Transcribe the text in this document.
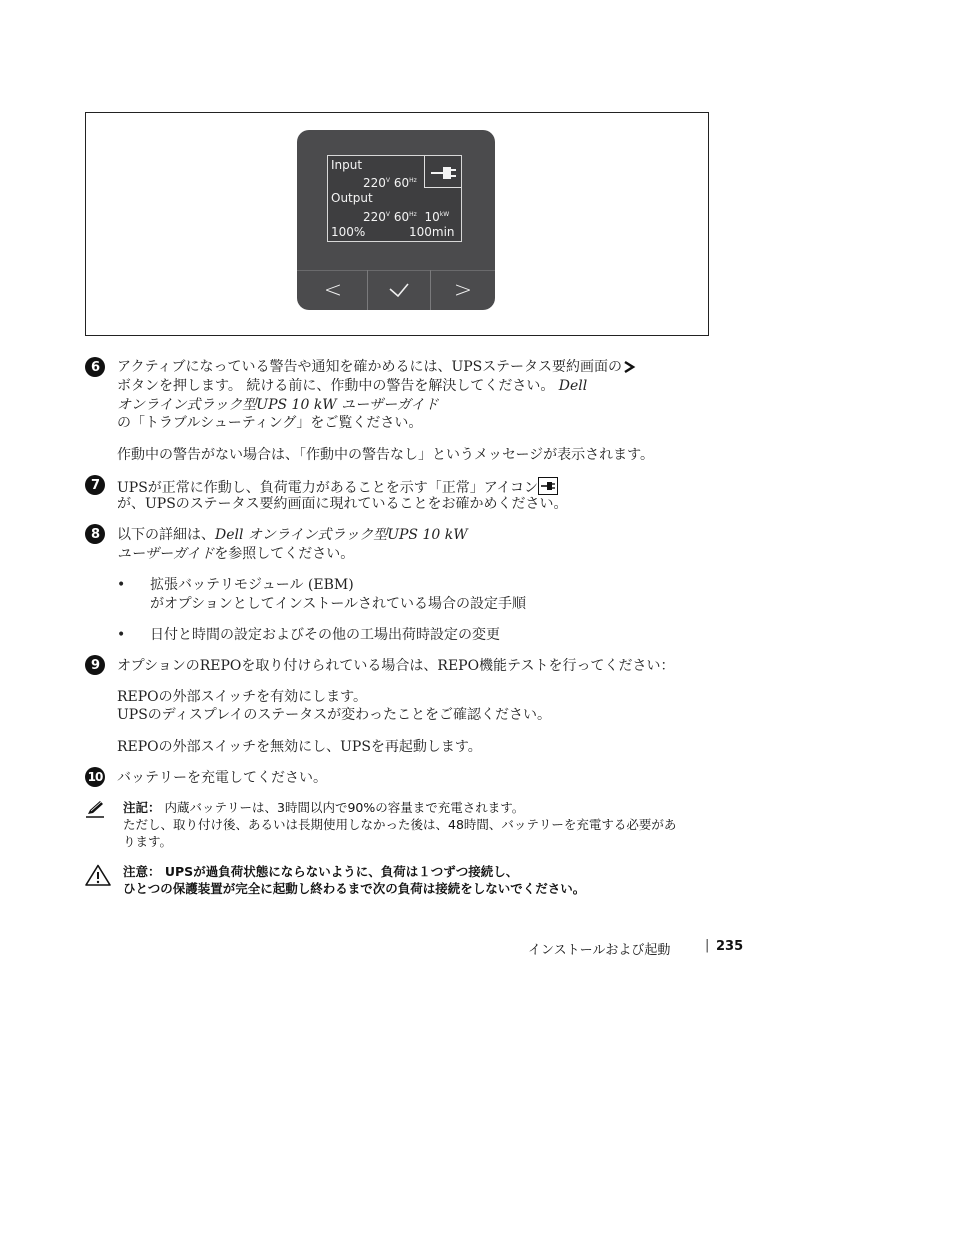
Input
$220^V$ $60^{Hz}$
Output
$220^V$ $60^{Hz}$ $10^{kW}$
100%	100min
<	>
6	アクティブになっている警告や通知を確かめるには、UPSステータス要約画面の
ボタンを押します。 続ける前に、作動中の警告を解決してください。 Dell
オンライン式ラック型UPS 10 kW ユーザーガイド
の「トラブルシューティング」をご覧ください。
作動中の警告がない場合は、「作動中の警告なし」というメッセージが表示されます。
7	UPSが正常に作動し、負荷電力があることを示す「正常」アイコン
が、UPSのステータス要約画面に現れていることをお確かめください。
8	以下の詳細は、Dell オンライン式ラック型UPS 10 kW
ユーザーガイドを参照してください。
• 拡張バッテリモジュール (EBM)
がオプションとしてインストールされている場合の設定手順
• 日付と時間の設定およびその他の工場出荷時設定の変更
9	オプションのREPOを取り付けられている場合は、REPO機能テストを行ってください：
REPOの外部スイッチを有効にします。
UPSのディスプレイのステータスが変わったことをご確認ください。
REPOの外部スイッチを無効にし、UPSを再起動します。
10 バッテリーを充電してください。
注記： 内蔵バッテリーは、3時間以内で90%の容量まで充電されます。
ただし、取り付け後、あるいは長期使用しなかった後は、48時間、バッテリーを充電する必要があ
ります。
注意： UPSが過負荷状態にならないように、負荷は１つずつ接続し、
ひとつの保護装置が完全に起動し終わるまで次の負荷は接続をしないでください。
インストールおよび起動	| 235
